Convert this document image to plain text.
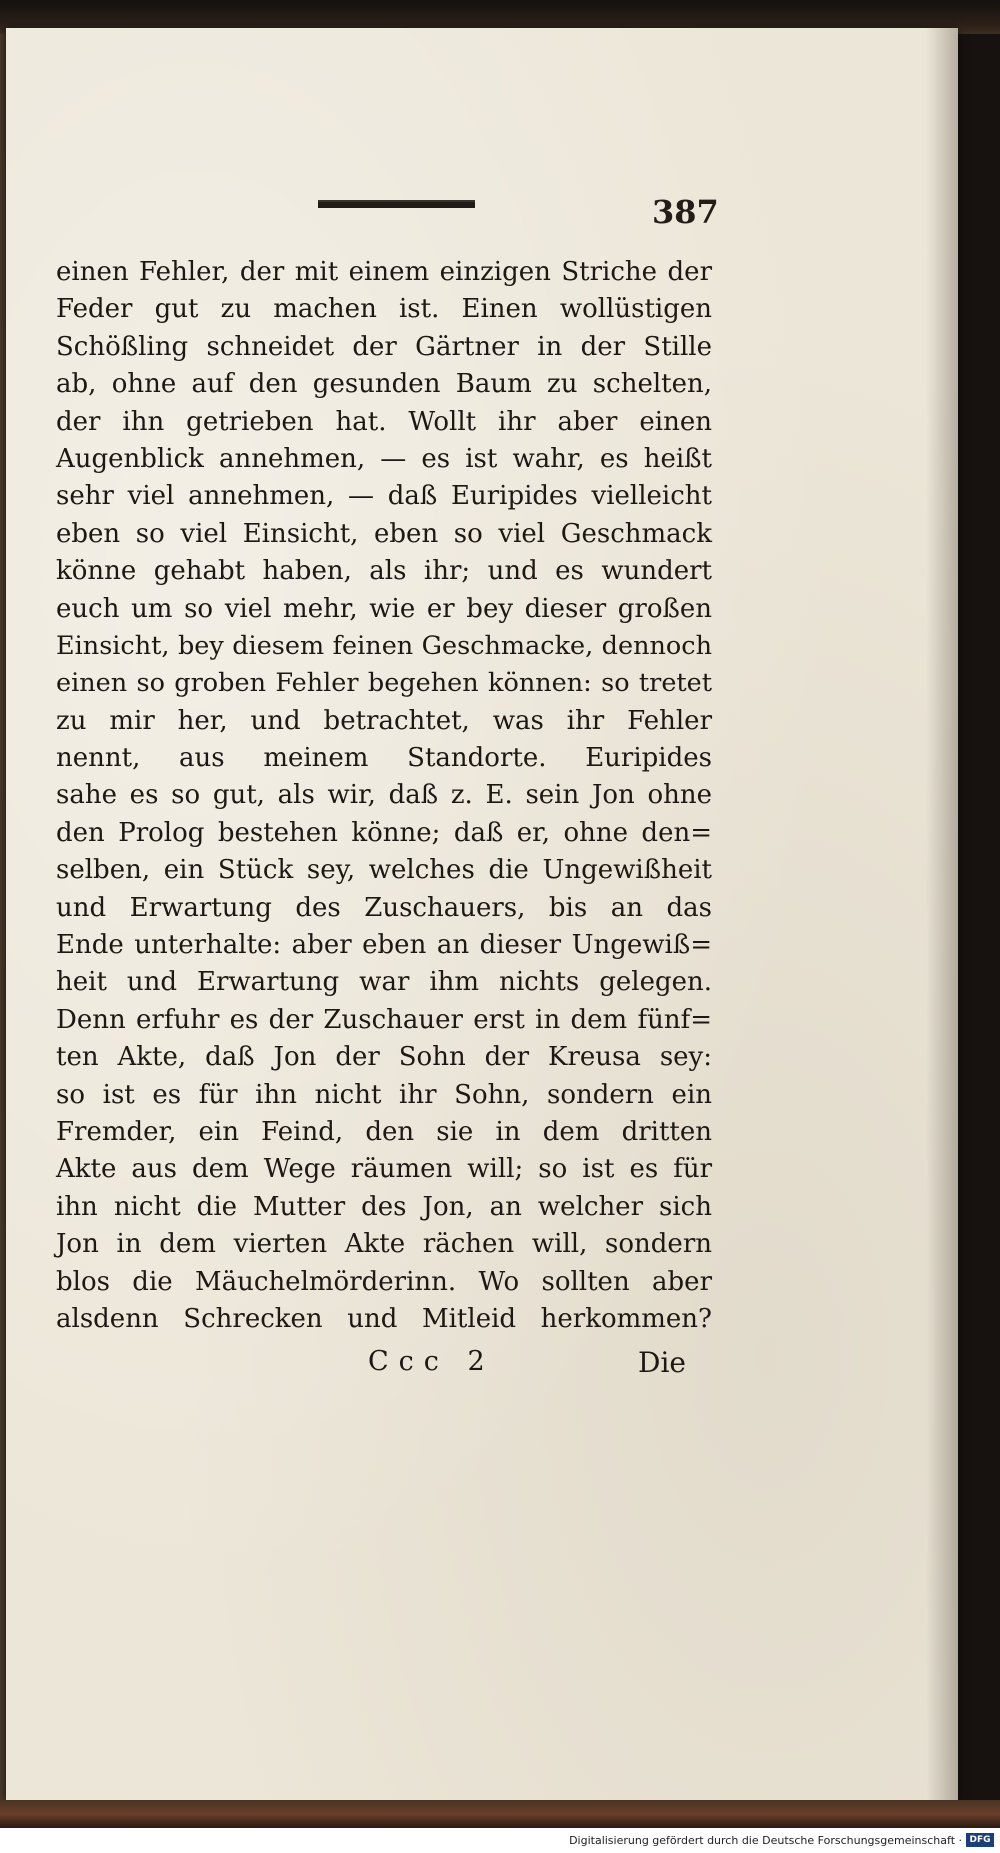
387
einen Fehler, der mit einem einzigen Striche der
Feder gut zu machen ist. Einen wollüstigen
Schößling schneidet der Gärtner in der Stille
ab, ohne auf den gesunden Baum zu schelten,
der ihn getrieben hat. Wollt ihr aber einen
Augenblick annehmen, — es ist wahr, es heißt
sehr viel annehmen, — daß Euripides vielleicht
eben so viel Einsicht, eben so viel Geschmack
könne gehabt haben, als ihr; und es wundert
euch um so viel mehr, wie er bey dieser großen
Einsicht, bey diesem feinen Geschmacke, dennoch
einen so groben Fehler begehen können: so tretet
zu mir her, und betrachtet, was ihr Fehler
nennt, aus meinem Standorte. Euripides
sahe es so gut, als wir, daß z. E. sein Jon ohne
den Prolog bestehen könne; daß er, ohne den=
selben, ein Stück sey, welches die Ungewißheit
und Erwartung des Zuschauers, bis an das
Ende unterhalte: aber eben an dieser Ungewiß=
heit und Erwartung war ihm nichts gelegen.
Denn erfuhr es der Zuschauer erst in dem fünf=
ten Akte, daß Jon der Sohn der Kreusa sey:
so ist es für ihn nicht ihr Sohn, sondern ein
Fremder, ein Feind, den sie in dem dritten
Akte aus dem Wege räumen will; so ist es für
ihn nicht die Mutter des Jon, an welcher sich
Jon in dem vierten Akte rächen will, sondern
blos die Mäuchelmörderinn. Wo sollten aber
alsdenn Schrecken und Mitleid herkommen?
Ccc 2	Die
Digitalisierung gefördert durch die Deutsche Forschungsgemeinschaft · DFG
